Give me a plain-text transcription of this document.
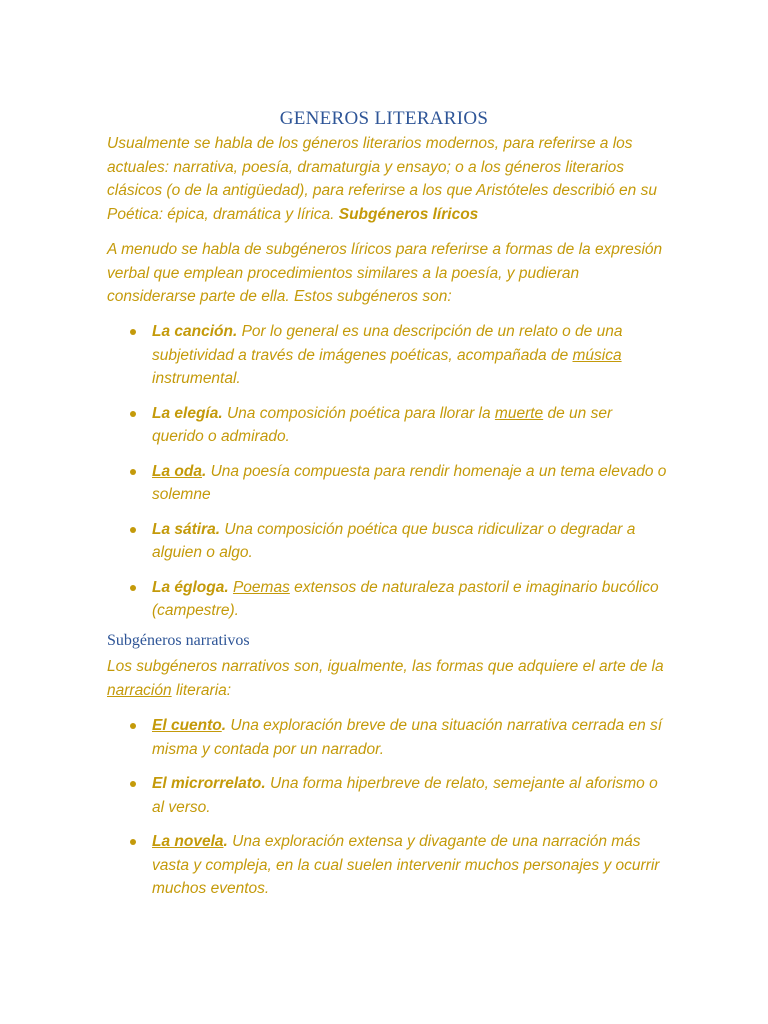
GENEROS LITERARIOS

Usualmente se habla de los géneros literarios modernos, para referirse a los actuales: narrativa, poesía, dramaturgia y ensayo; o a los géneros literarios clásicos (o de la antigüedad), para referirse a los que Aristóteles describió en su Poética: épica, dramática y lírica. Subgéneros líricos

A menudo se habla de subgéneros líricos para referirse a formas de la expresión verbal que emplean procedimientos similares a la poesía, y pudieran considerarse parte de ella. Estos subgéneros son:

La canción. Por lo general es una descripción de un relato o de una subjetividad a través de imágenes poéticas, acompañada de música instrumental.
La elegía. Una composición poética para llorar la muerte de un ser querido o admirado.
La oda. Una poesía compuesta para rendir homenaje a un tema elevado o solemne
La sátira. Una composición poética que busca ridiculizar o degradar a alguien o algo.
La égloga. Poemas extensos de naturaleza pastoril e imaginario bucólico (campestre).
Subgéneros narrativos

Los subgéneros narrativos son, igualmente, las formas que adquiere el arte de la narración literaria:

El cuento. Una exploración breve de una situación narrativa cerrada en sí misma y contada por un narrador.
El microrrelato. Una forma hiperbreve de relato, semejante al aforismo o al verso.
La novela. Una exploración extensa y divagante de una narración más vasta y compleja, en la cual suelen intervenir muchos personajes y ocurrir muchos eventos.
